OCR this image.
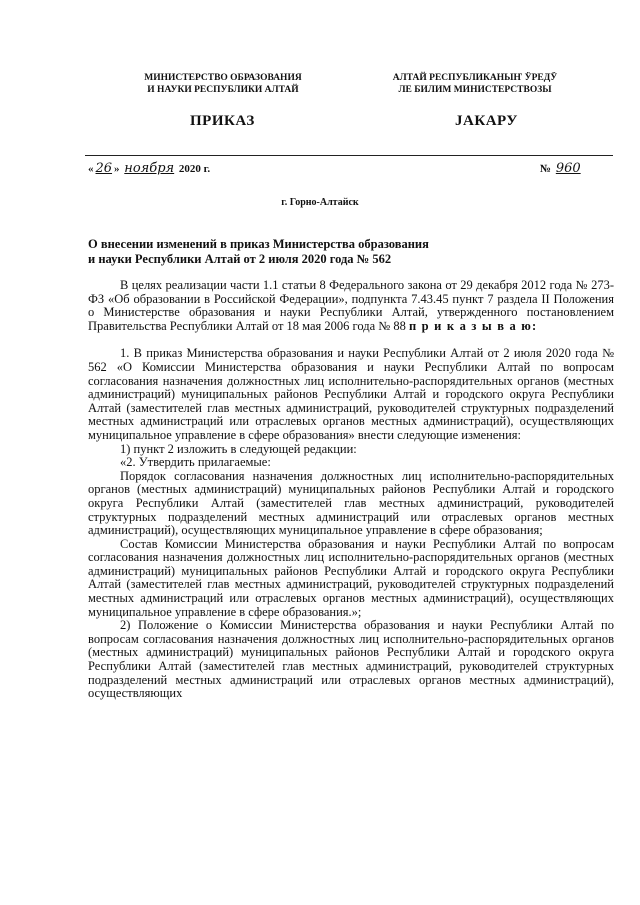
МИНИСТЕРСТВО ОБРАЗОВАНИЯ
И НАУКИ РЕСПУБЛИКИ АЛТАЙ
АЛТАЙ РЕСПУБЛИКАНЫҤ ӰРЕДӰ
ЛЕ БИЛИМ МИНИСТЕРСТВОЗЫ
ПРИКАЗ	JАКАРУ
« 26 » ноября 2020 г.	№ 960
г. Горно-Алтайск
О внесении изменений в приказ Министерства образования
и науки Республики Алтай от 2 июля 2020 года № 562

В целях реализации части 1.1 статьи 8 Федерального закона от 29 декабря 2012 года № 273-ФЗ «Об образовании в Российской Федерации», подпункта 7.43.45 пункт 7 раздела II Положения о Министерстве образования и науки Республики Алтай, утвержденного постановлением Правительства Республики Алтай от 18 мая 2006 года № 88 п р и к а з ы в а ю:

1. В приказ Министерства образования и науки Республики Алтай от 2 июля 2020 года № 562 «О Комиссии Министерства образования и науки Республики Алтай по вопросам согласования назначения должностных лиц исполнительно-распорядительных органов (местных администраций) муниципальных районов Республики Алтай и городского округа Республики Алтай (заместителей глав местных администраций, руководителей структурных подразделений местных администраций или отраслевых органов местных администраций), осуществляющих муниципальное управление в сфере образования» внести следующие изменения:

1) пункт 2 изложить в следующей редакции:

«2. Утвердить прилагаемые:

Порядок согласования назначения должностных лиц исполнительно-распорядительных органов (местных администраций) муниципальных районов Республики Алтай и городского округа Республики Алтай (заместителей глав местных администраций, руководителей структурных подразделений местных администраций или отраслевых органов местных администраций), осуществляющих муниципальное управление в сфере образования;

Состав Комиссии Министерства образования и науки Республики Алтай по вопросам согласования назначения должностных лиц исполнительно-распорядительных органов (местных администраций) муниципальных районов Республики Алтай и городского округа Республики Алтай (заместителей глав местных администраций, руководителей структурных подразделений местных администраций или отраслевых органов местных администраций), осуществляющих муниципальное управление в сфере образования.»;

2) Положение о Комиссии Министерства образования и науки Республики Алтай по вопросам согласования назначения должностных лиц исполнительно-распорядительных органов (местных администраций) муниципальных районов Республики Алтай и городского округа Республики Алтай (заместителей глав местных администраций, руководителей структурных подразделений местных администраций или отраслевых органов местных администраций), осуществляющих
